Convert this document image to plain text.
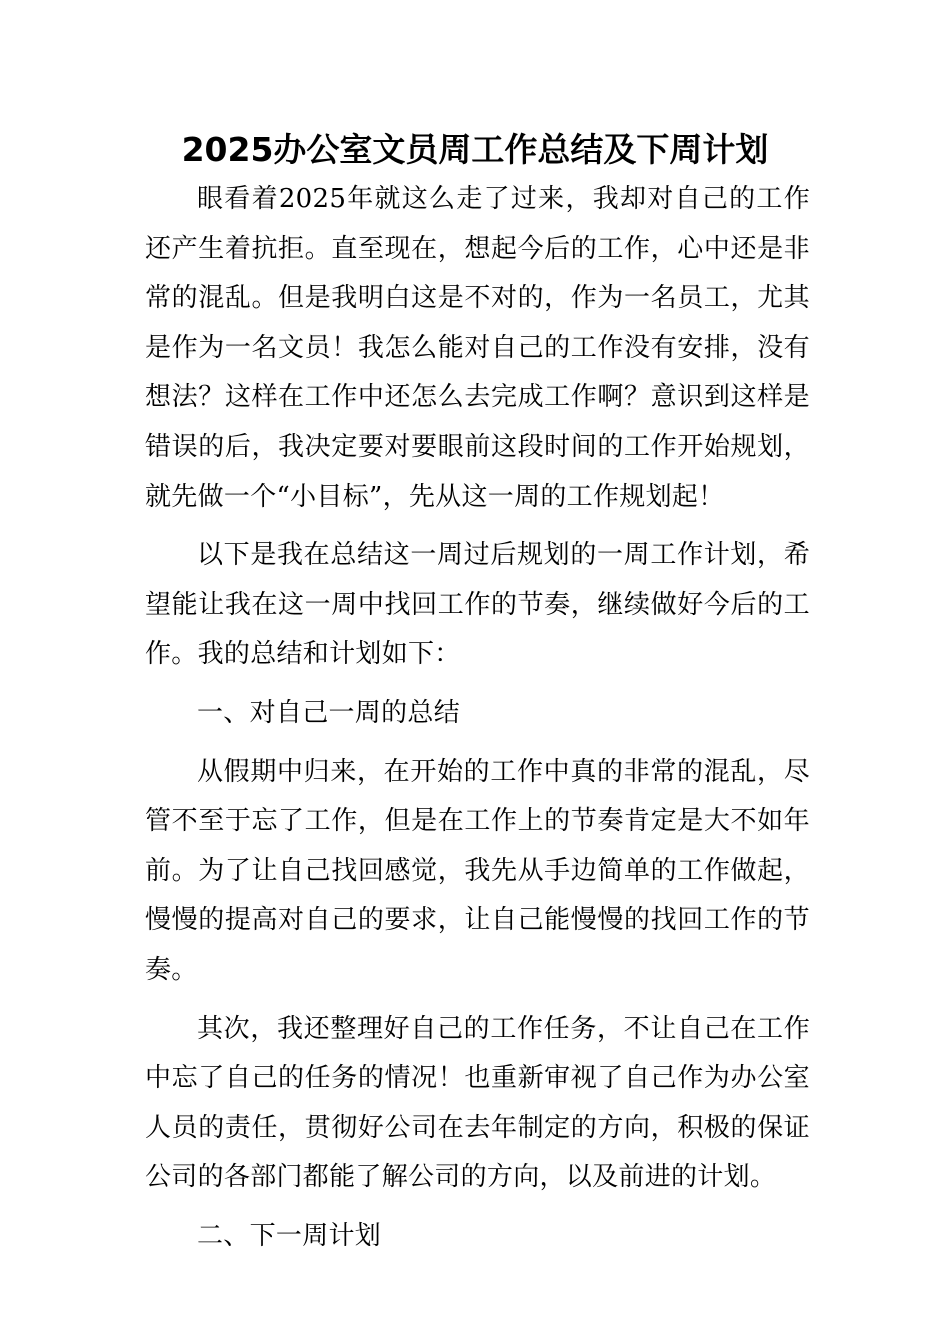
2025办公室文员周工作总结及下周计划

眼看着2025年就这么走了过来，我却对自己的工作还产生着抗拒。直至现在，想起今后的工作，心中还是非常的混乱。但是我明白这是不对的，作为一名员工，尤其是作为一名文员！我怎么能对自己的工作没有安排，没有想法？这样在工作中还怎么去完成工作啊？意识到这样是错误的后，我决定要对要眼前这段时间的工作开始规划，就先做一个“小目标”，先从这一周的工作规划起！

以下是我在总结这一周过后规划的一周工作计划，希望能让我在这一周中找回工作的节奏，继续做好今后的工作。我的总结和计划如下：

一、对自己一周的总结

从假期中归来，在开始的工作中真的非常的混乱，尽管不至于忘了工作，但是在工作上的节奏肯定是大不如年前。为了让自己找回感觉，我先从手边简单的工作做起，慢慢的提高对自己的要求，让自己能慢慢的找回工作的节奏。

其次，我还整理好自己的工作任务，不让自己在工作中忘了自己的任务的情况！也重新审视了自己作为办公室人员的责任，贯彻好公司在去年制定的方向，积极的保证公司的各部门都能了解公司的方向，以及前进的计划。

二、下一周计划
